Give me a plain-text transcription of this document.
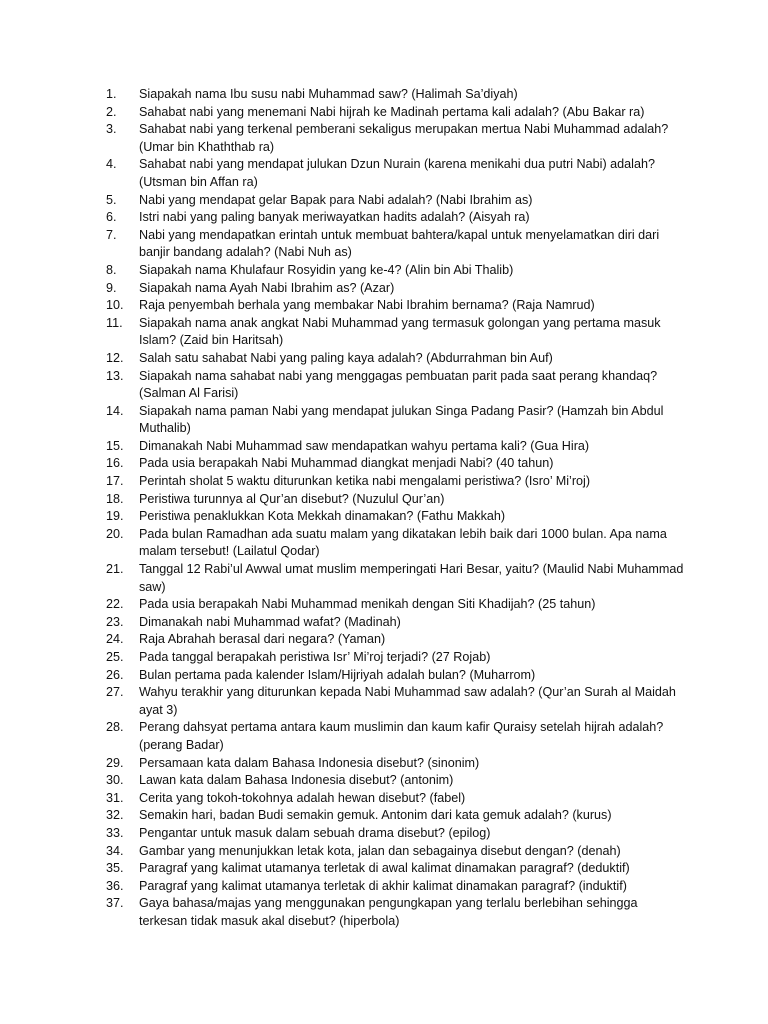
1.	Siapakah nama Ibu susu nabi Muhammad saw? (Halimah Sa’diyah)
2.	Sahabat nabi yang menemani Nabi hijrah ke Madinah pertama kali adalah? (Abu Bakar ra)
3.	Sahabat nabi yang terkenal pemberani sekaligus merupakan mertua Nabi Muhammad adalah? (Umar bin Khaththab ra)
4.	Sahabat nabi yang mendapat julukan Dzun Nurain (karena menikahi dua putri Nabi) adalah? (Utsman bin Affan ra)
5.	Nabi yang mendapat gelar Bapak para Nabi adalah? (Nabi Ibrahim as)
6.	Istri nabi yang paling banyak meriwayatkan hadits adalah? (Aisyah ra)
7.	Nabi yang mendapatkan erintah untuk membuat bahtera/kapal untuk menyelamatkan diri dari banjir bandang adalah? (Nabi Nuh as)
8.	Siapakah nama Khulafaur Rosyidin yang ke-4? (Alin bin Abi Thalib)
9.	Siapakah nama Ayah Nabi Ibrahim as? (Azar)
10.	Raja penyembah berhala yang membakar Nabi Ibrahim bernama? (Raja Namrud)
11.	Siapakah nama anak angkat Nabi Muhammad yang termasuk golongan yang pertama masuk Islam? (Zaid bin Haritsah)
12.	Salah satu sahabat Nabi yang paling kaya adalah? (Abdurrahman bin Auf)
13.	Siapakah nama sahabat nabi yang menggagas pembuatan parit pada saat perang khandaq? (Salman Al Farisi)
14.	Siapakah nama paman Nabi yang mendapat julukan Singa Padang Pasir? (Hamzah bin Abdul Muthalib)
15.	Dimanakah Nabi Muhammad saw mendapatkan wahyu pertama kali? (Gua Hira)
16.	Pada usia berapakah Nabi Muhammad diangkat menjadi Nabi? (40 tahun)
17.	Perintah sholat 5 waktu diturunkan ketika nabi mengalami peristiwa? (Isro’ Mi’roj)
18.	Peristiwa turunnya al Qur’an disebut? (Nuzulul Qur’an)
19.	Peristiwa penaklukkan Kota Mekkah dinamakan? (Fathu Makkah)
20.	Pada bulan Ramadhan ada suatu malam yang dikatakan lebih baik dari 1000 bulan. Apa nama malam tersebut! (Lailatul Qodar)
21.	Tanggal 12 Rabi’ul Awwal umat muslim memperingati Hari Besar, yaitu? (Maulid Nabi Muhammad saw)
22.	Pada usia berapakah Nabi Muhammad menikah dengan Siti Khadijah? (25 tahun)
23.	Dimanakah nabi Muhammad wafat? (Madinah)
24.	Raja Abrahah berasal dari negara? (Yaman)
25.	Pada tanggal berapakah peristiwa Isr’ Mi’roj terjadi? (27 Rojab)
26.	Bulan pertama pada kalender Islam/Hijriyah adalah bulan? (Muharrom)
27.	Wahyu terakhir yang diturunkan kepada Nabi Muhammad saw adalah? (Qur’an Surah al Maidah ayat 3)
28.	Perang dahsyat pertama antara kaum muslimin dan kaum kafir Quraisy setelah hijrah adalah? (perang Badar)
29.	Persamaan kata dalam Bahasa Indonesia disebut? (sinonim)
30.	Lawan kata dalam Bahasa Indonesia disebut? (antonim)
31.	Cerita yang tokoh-tokohnya adalah hewan disebut? (fabel)
32.	Semakin hari, badan Budi semakin gemuk. Antonim dari kata gemuk adalah? (kurus)
33.	Pengantar untuk masuk dalam sebuah drama disebut? (epilog)
34.	Gambar yang menunjukkan letak kota, jalan dan sebagainya disebut dengan? (denah)
35.	Paragraf yang kalimat utamanya terletak di awal kalimat dinamakan paragraf? (deduktif)
36.	Paragraf yang kalimat utamanya terletak di akhir kalimat dinamakan paragraf? (induktif)
37.	Gaya bahasa/majas yang menggunakan pengungkapan yang terlalu berlebihan sehingga terkesan tidak masuk akal disebut? (hiperbola)
